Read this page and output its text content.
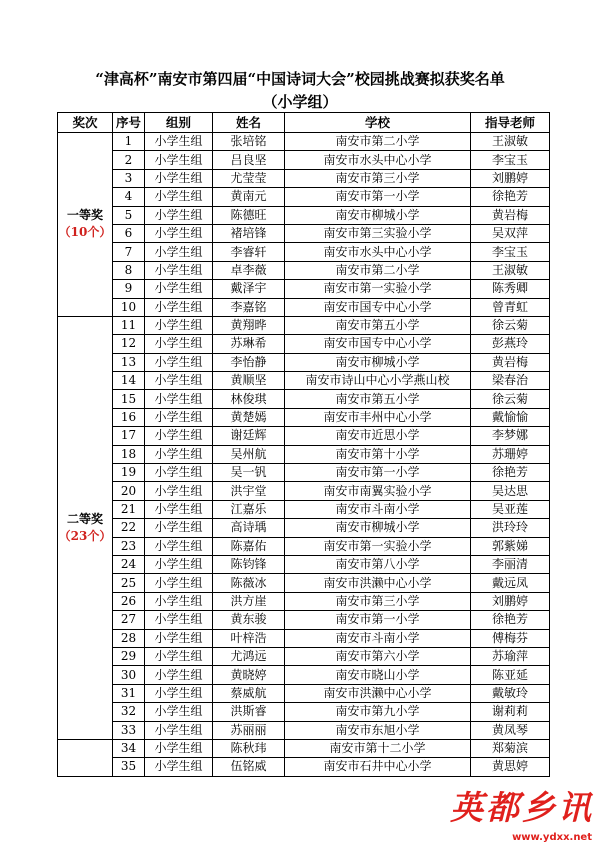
“津高杯”南安市第四届“中国诗词大会”校园挑战赛拟获奖名单
（小学组）
奖次	序号	组别	姓名	学校	指导老师

一等奖
（10个）	1	小学生组	张培铭	南安市第二小学	王淑敏
	2	小学生组	吕良坚	南安市水头中心小学	李宝玉
	3	小学生组	尤莹莹	南安市第三小学	刘鹏婷
	4	小学生组	黄南元	南安市第一小学	徐艳芳
	5	小学生组	陈德旺	南安市柳城小学	黄岩梅
	6	小学生组	褚培锋	南安市第三实验小学	吴双萍
	7	小学生组	李睿轩	南安市水头中心小学	李宝玉
	8	小学生组	卓李薇	南安市第二小学	王淑敏
	9	小学生组	戴泽宇	南安市第一实验小学	陈秀卿
	10	小学生组	李嘉铭	南安市国专中心小学	曾青虹

二等奖
（23个）	11	小学生组	黄翔晔	南安市第五小学	徐云菊
	12	小学生组	苏琳希	南安市国专中心小学	彭燕玲
	13	小学生组	李怡静	南安市柳城小学	黄岩梅
	14	小学生组	黄顺坚	南安市诗山中心小学燕山校	梁春治
	15	小学生组	林俊琪	南安市第五小学	徐云菊
	16	小学生组	黄楚嫣	南安市丰州中心小学	戴愉愉
	17	小学生组	谢廷辉	南安市近思小学	李梦娜
	18	小学生组	吴州航	南安市第十小学	苏珊婷
	19	小学生组	吴一钒	南安市第一小学	徐艳芳
	20	小学生组	洪宇堂	南安市南翼实验小学	吴达思
	21	小学生组	江嘉乐	南安市斗南小学	吴亚莲
	22	小学生组	高诗瑀	南安市柳城小学	洪玲玲
	23	小学生组	陈嘉佑	南安市第一实验小学	郭紫娣
	24	小学生组	陈钧锋	南安市第八小学	李丽清
	25	小学生组	陈薇冰	南安市洪濑中心小学	戴远凤
	26	小学生组	洪方崖	南安市第三小学	刘鹏婷
	27	小学生组	黄东骏	南安市第一小学	徐艳芳
	28	小学生组	叶梓浩	南安市斗南小学	傅梅芬
	29	小学生组	尤鸿远	南安市第六小学	苏瑜萍
	30	小学生组	黄晓婷	南安市晓山小学	陈亚延
	31	小学生组	蔡威航	南安市洪濑中心小学	戴敏玲
	32	小学生组	洪斯睿	南安市第九小学	谢莉莉
	33	小学生组	苏丽丽	南安市东旭小学	黄凤琴
	34	小学生组	陈秋玮	南安市第十二小学	郑菊滨
	35	小学生组	伍铭威	南安市石井中心小学	黄思婷
英都乡讯
www.ydxx.net
